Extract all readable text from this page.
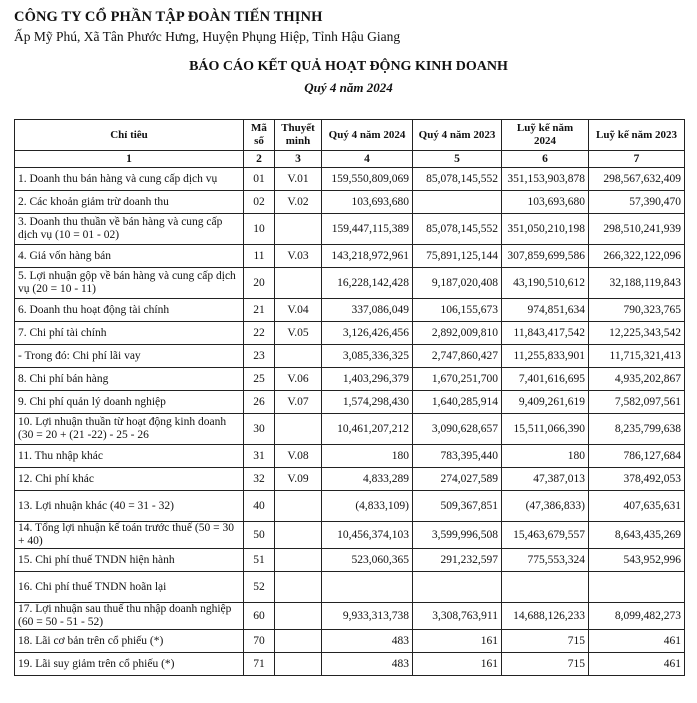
CÔNG TY CỔ PHẦN TẬP ĐOÀN TIẾN THỊNH
Ấp Mỹ Phú, Xã Tân Phước Hưng, Huyện Phụng Hiệp, Tỉnh Hậu Giang
BÁO CÁO KẾT QUẢ HOẠT ĐỘNG KINH DOANH
Quý 4 năm 2024
Chỉ tiêu	Mã số	Thuyết minh	Quý 4 năm 2024	Quý 4 năm 2023	Luỹ kế năm 2024	Luỹ kế năm 2023
1	2	3	4	5	6	7
1. Doanh thu bán hàng và cung cấp dịch vụ	01	V.01	159,550,809,069	85,078,145,552	351,153,903,878	298,567,632,409
2. Các khoản giảm trừ doanh thu	02	V.02	103,693,680		103,693,680	57,390,470
3. Doanh thu thuần về bán hàng và cung cấp dịch vụ (10 = 01 - 02)	10		159,447,115,389	85,078,145,552	351,050,210,198	298,510,241,939
4. Giá vốn hàng bán	11	V.03	143,218,972,961	75,891,125,144	307,859,699,586	266,322,122,096
5. Lợi nhuận gộp về bán hàng và cung cấp dịch vụ (20 = 10 - 11)	20		16,228,142,428	9,187,020,408	43,190,510,612	32,188,119,843
6. Doanh thu hoạt động tài chính	21	V.04	337,086,049	106,155,673	974,851,634	790,323,765
7. Chi phí tài chính	22	V.05	3,126,426,456	2,892,009,810	11,843,417,542	12,225,343,542
- Trong đó: Chi phí lãi vay	23		3,085,336,325	2,747,860,427	11,255,833,901	11,715,321,413
8. Chi phí bán hàng	25	V.06	1,403,296,379	1,670,251,700	7,401,616,695	4,935,202,867
9. Chi phí quản lý doanh nghiệp	26	V.07	1,574,298,430	1,640,285,914	9,409,261,619	7,582,097,561
10. Lợi nhuận thuần từ hoạt động kinh doanh (30 = 20 + (21 -22) - 25 - 26	30		10,461,207,212	3,090,628,657	15,511,066,390	8,235,799,638
11. Thu nhập khác	31	V.08	180	783,395,440	180	786,127,684
12. Chi phí khác	32	V.09	4,833,289	274,027,589	47,387,013	378,492,053
13. Lợi nhuận khác (40 = 31 - 32)	40		(4,833,109)	509,367,851	(47,386,833)	407,635,631
14. Tổng lợi nhuận kế toán trước thuế (50 = 30 + 40)	50		10,456,374,103	3,599,996,508	15,463,679,557	8,643,435,269
15. Chi phí thuế TNDN hiện hành	51		523,060,365	291,232,597	775,553,324	543,952,996
16. Chi phí thuế TNDN hoãn lại	52					
17. Lợi nhuận sau thuế thu nhập doanh nghiệp (60 = 50 - 51 - 52)	60		9,933,313,738	3,308,763,911	14,688,126,233	8,099,482,273
18. Lãi cơ bản trên cổ phiếu (*)	70		483	161	715	461
19. Lãi suy giảm trên cổ phiếu (*)	71		483	161	715	461
